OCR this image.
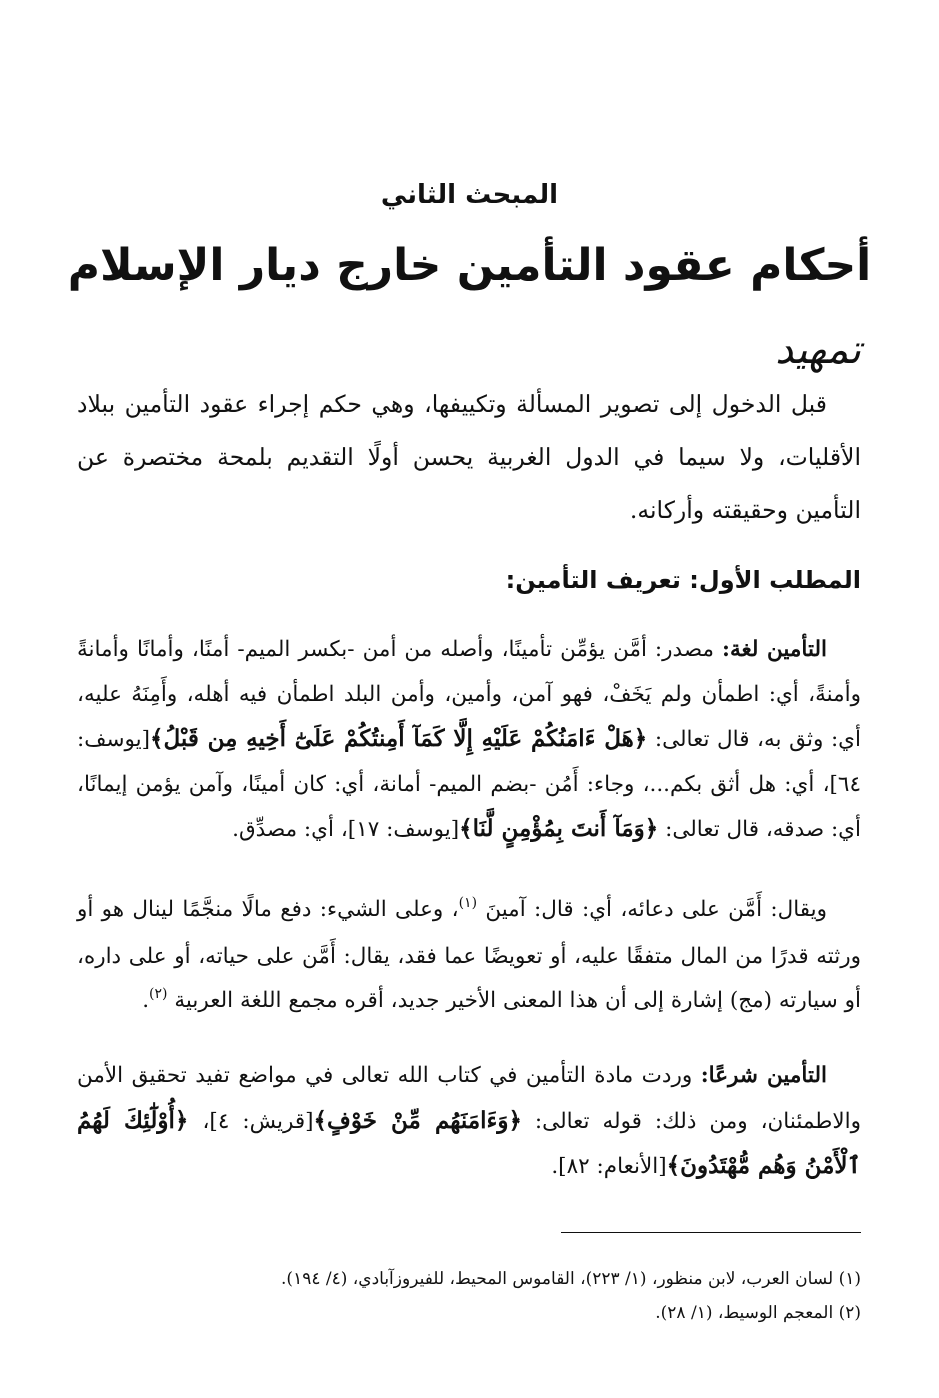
المبحث الثاني
أحكام عقود التأمين خارج ديار الإسلام
تمهيد
قبل الدخول إلى تصوير المسألة وتكييفها، وهي حكم إجراء عقود التأمين ببلاد الأقليات، ولا سيما في الدول الغربية يحسن أولًا التقديم بلمحة مختصرة عن التأمين وحقيقته وأركانه.
المطلب الأول: تعريف التأمين:
التأمين لغة: مصدر: أمَّن يؤمِّن تأمينًا، وأصله من أمن -بكسر الميم- أمنًا، وأمانًا وأمانةً وأمنةً، أي: اطمأن ولم يَخَفْ، فهو آمن، وأمين، وأمن البلد اطمأن فيه أهله، وأَمِنَهُ عليه، أي: وثق به، قال تعالى: ﴿هَلْ ءَامَنُكُمْ عَلَيْهِ إِلَّا كَمَآ أَمِنتُكُمْ عَلَىٰٓ أَخِيهِ مِن قَبْلُ﴾[يوسف: ٦٤]، أي: هل أثق بكم...، وجاء: أَمُن -بضم الميم- أمانة، أي: كان أمينًا، وآمن يؤمن إيمانًا، أي: صدقه، قال تعالى: ﴿وَمَآ أَنتَ بِمُؤْمِنٍ لَّنَا﴾[يوسف: ١٧]، أي: مصدِّق.
ويقال: أَمَّن على دعائه، أي: قال: آمينَ $^{(١)}$، وعلى الشيء: دفع مالًا منجَّمًا لينال هو أو ورثته قدرًا من المال متفقًا عليه، أو تعويضًا عما فقد، يقال: أَمَّن على حياته، أو على داره، أو سيارته (مج) إشارة إلى أن هذا المعنى الأخير جديد، أقره مجمع اللغة العربية $^{(٢)}$.
التأمين شرعًا: وردت مادة التأمين في كتاب الله تعالى في مواضع تفيد تحقيق الأمن والاطمئنان، ومن ذلك: قوله تعالى: ﴿وَءَامَنَهُم مِّنْ خَوْفٍ﴾[قريش: ٤]، ﴿أُوْلَٰٓئِكَ لَهُمُ ٱلْأَمْنُ وَهُم مُّهْتَدُونَ﴾[الأنعام: ٨٢].
(١) لسان العرب، لابن منظور، (١/ ٢٢٣)، القاموس المحيط، للفيروزآبادي، (٤/ ١٩٤).
(٢) المعجم الوسيط، (١/ ٢٨).
